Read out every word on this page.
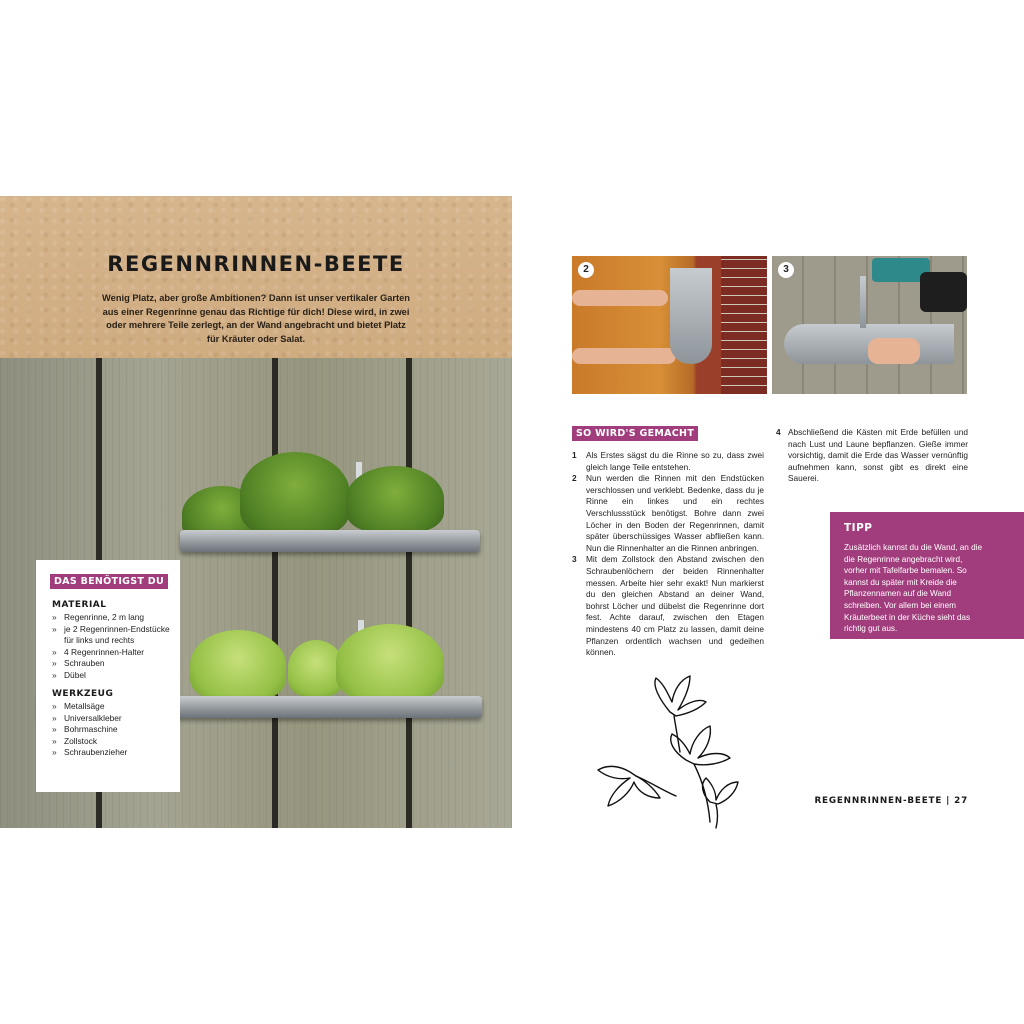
REGENNRINNEN-BEETE
Wenig Platz, aber große Ambitionen? Dann ist unser vertikaler Garten aus einer Regenrinne genau das Richtige für dich! Diese wird, in zwei oder mehrere Teile zerlegt, an der Wand angebracht und bietet Platz für Kräuter oder Salat.
DAS BENÖTIGST DU
MATERIAL
» Regenrinne, 2 m lang
» je 2 Regenrinnen-Endstücke für links und rechts
» 4 Regenrinnen-Halter
» Schrauben
» Dübel
WERKZEUG
» Metallsäge
» Universalkleber
» Bohrmaschine
» Zollstock
» Schraubenzieher
2	3
SO WIRD'S GEMACHT
1 Als Erstes sägst du die Rinne so zu, dass zwei gleich lange Teile entstehen.
2 Nun werden die Rinnen mit den Endstücken verschlossen und verklebt. Bedenke, dass du je Rinne ein linkes und ein rechtes Verschlussstück benötigst. Bohre dann zwei Löcher in den Boden der Regenrinnen, damit später überschüssiges Wasser abfließen kann. Nun die Rinnenhalter an die Rinnen anbringen.
3 Mit dem Zollstock den Abstand zwischen den Schraubenlöchern der beiden Rinnenhalter messen. Arbeite hier sehr exakt! Nun markierst du den gleichen Abstand an deiner Wand, bohrst Löcher und dübelst die Regenrinne dort fest. Achte darauf, zwischen den Etagen mindestens 40 cm Platz zu lassen, damit deine Pflanzen ordentlich wachsen und gedeihen können.
4 Abschließend die Kästen mit Erde befüllen und nach Lust und Laune bepflanzen. Gieße immer vorsichtig, damit die Erde das Wasser vernünftig aufnehmen kann, sonst gibt es direkt eine Sauerei.
TIPP
Zusätzlich kannst du die Wand, an die die Regenrinne angebracht wird, vorher mit Tafelfarbe bemalen. So kannst du später mit Kreide die Pflanzennamen auf die Wand schreiben. Vor allem bei einem Kräuterbeet in der Küche sieht das richtig gut aus.
REGENNRINNEN-BEETE | 27
